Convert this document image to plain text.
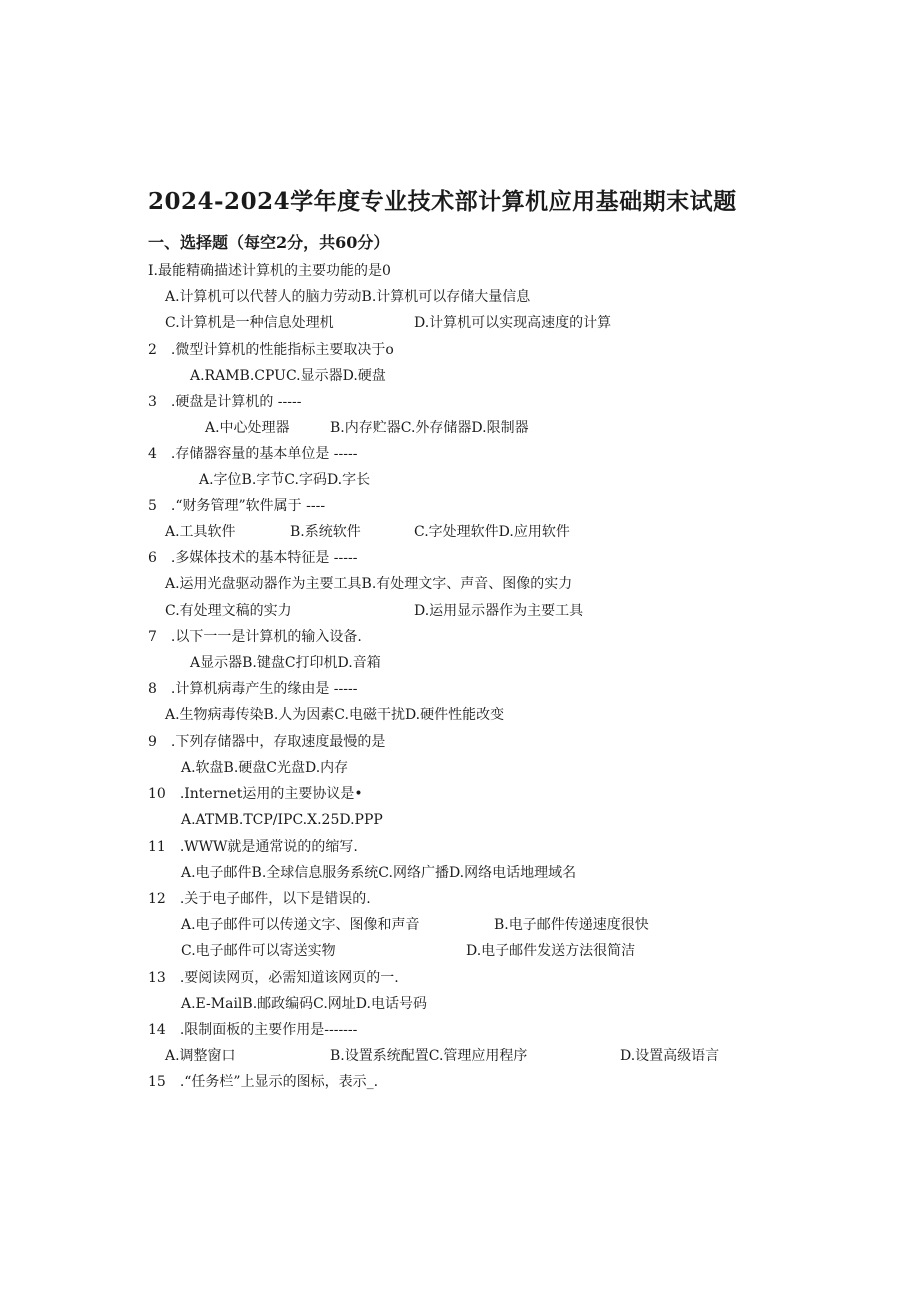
2024-2024学年度专业技术部计算机应用基础期末试题
一、选择题（每空2分，共60分）
I.最能精确描述计算机的主要功能的是0
A.计算机可以代替人的脑力劳动B.计算机可以存储大量信息
C.计算机是一种信息处理机	D.计算机可以实现高速度的计算
2　.微型计算机的性能指标主要取决于o
A.RAMB.CPUC.显示器D.硬盘
3　.硬盘是计算机的 -----
A.中心处理器	B.内存贮器C.外存储器D.限制器
4　.存储器容量的基本单位是 -----
A.字位B.字节C.字码D.字长
5　.“财务管理”软件属于 ----
A.工具软件	B.系统软件	C.字处理软件D.应用软件
6　.多媒体技术的基本特征是 -----
A.运用光盘驱动器作为主要工具B.有处理文字、声音、图像的实力
C.有处理文稿的实力	D.运用显示器作为主要工具
7　.以下一一是计算机的输入设备.
A显示器B.键盘C打印机D.音箱
8　.计算机病毒产生的缘由是 -----
A.生物病毒传染B.人为因素C.电磁干扰D.硬件性能改变
9　.下列存储器中，存取速度最慢的是
A.软盘B.硬盘C光盘D.内存
10　.Internet运用的主要协议是•
A.ATMB.TCP/IPC.X.25D.PPP
11　.WWW就是通常说的的缩写.
A.电子邮件B.全球信息服务系统C.网络广播D.网络电话地理域名
12　.关于电子邮件，以下是错误的.
A.电子邮件可以传递文字、图像和声音	B.电子邮件传递速度很快
C.电子邮件可以寄送实物	D.电子邮件发送方法很简洁
13　.要阅读网页，必需知道该网页的一.
A.E-MailB.邮政编码C.网址D.电话号码
14　.限制面板的主要作用是-------
A.调整窗口	B.设置系统配置C.管理应用程序	D.设置高级语言
15　.“任务栏”上显示的图标，表示_.
